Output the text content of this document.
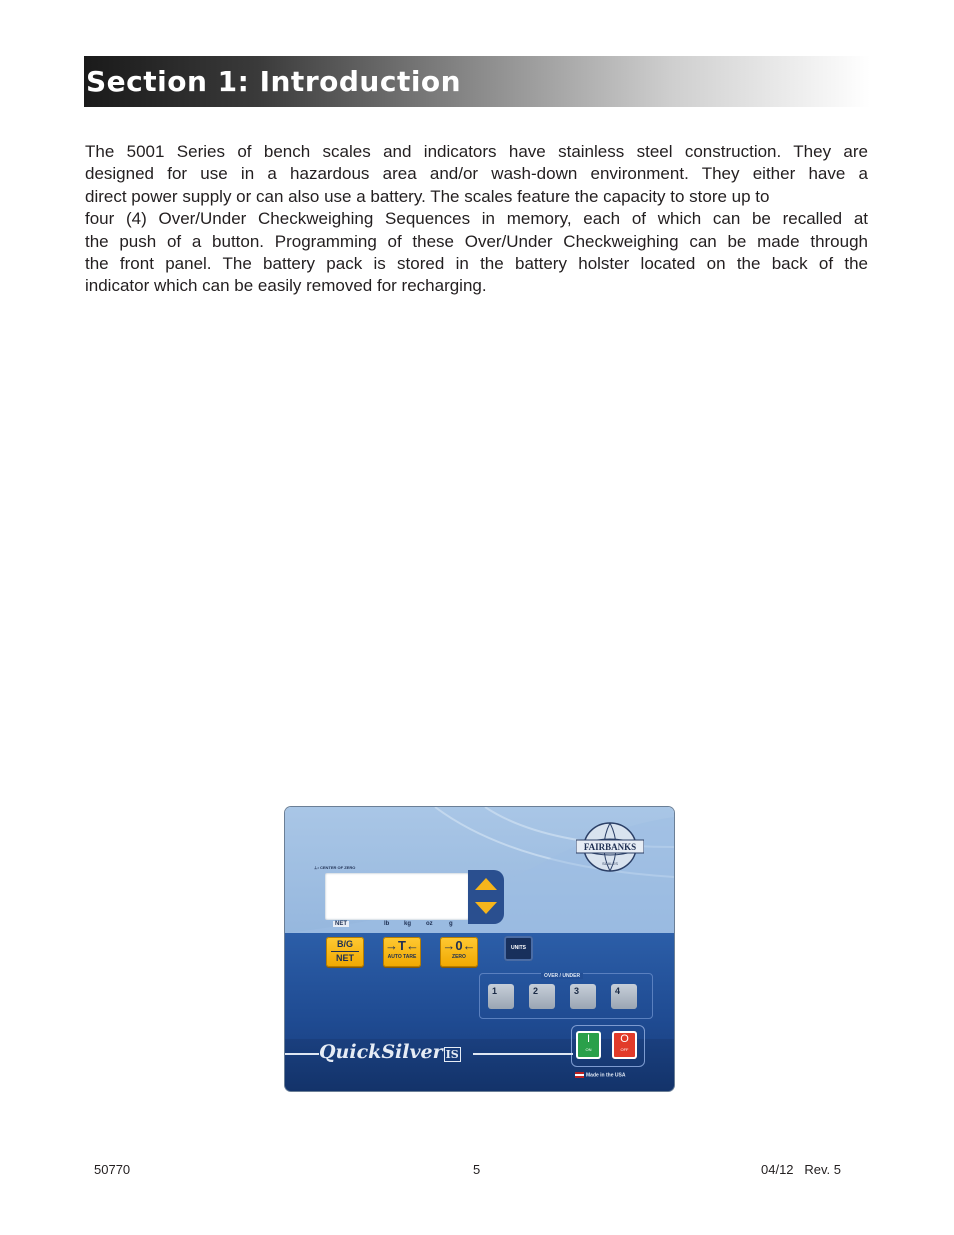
Section 1: Introduction

The 5001 Series of bench scales and indicators have stainless steel construction. They are
designed for use in a hazardous area and/or wash-down environment. They either have a
direct power supply or can also use a battery. The scales feature the capacity to store up to
four (4) Over/Under Checkweighing Sequences in memory, each of which can be recalled at
the push of a button. Programming of these Over/Under Checkweighing can be made through
the front panel. The battery pack is stored in the battery holster located on the back of the
indicator which can be easily removed for recharging.

FAIRBANKS
SCALES
⊥• CENTER OF ZERO
NET	lb kg oz	g
B/G
NET
→T←
AUTO TARE
→0←
ZERO
UNITS
OVER / UNDER
1	2	3	4
I
ON
O
OFF
QuickSilver IS
Made in the USA
50770	5	04/12   Rev. 5
